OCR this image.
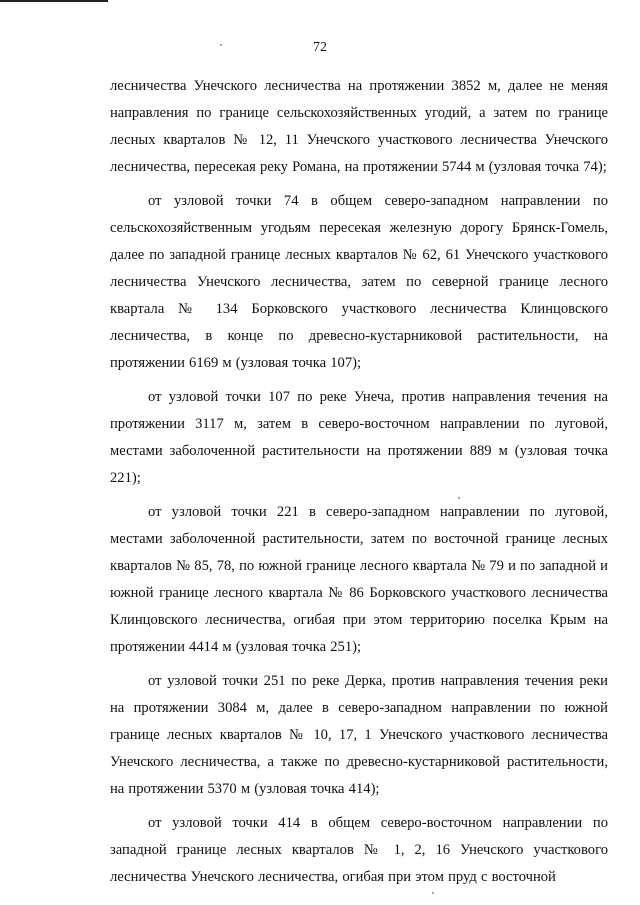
72

лесничества Унечского лесничества на протяжении 3852 м, далее не меняя направления по границе сельскохозяйственных угодий, а затем по границе лесных кварталов № 12, 11 Унечского участкового лесничества Унечского лесничества, пересекая реку Романа, на протяжении 5744 м (узловая точка 74);

от узловой точки 74 в общем северо-западном направлении по сельскохозяйственным угодьям пересекая железную дорогу Брянск-Гомель, далее по западной границе лесных кварталов № 62, 61 Унечского участкового лесничества Унечского лесничества, затем по северной границе лесного квартала № 134 Борковского участкового лесничества Клинцовского лесничества, в конце по древесно-кустарниковой растительности, на протяжении 6169 м (узловая точка 107);

от узловой точки 107 по реке Унеча, против направления течения на протяжении 3117 м, затем в северо-восточном направлении по луговой, местами заболоченной растительности на протяжении 889 м (узловая точка 221);

от узловой точки 221 в северо-западном направлении по луговой, местами заболоченной растительности, затем по восточной границе лесных кварталов № 85, 78, по южной границе лесного квартала № 79 и по западной и южной границе лесного квартала № 86 Борковского участкового лесничества Клинцовского лесничества, огибая при этом территорию поселка Крым на протяжении 4414 м (узловая точка 251);

от узловой точки 251 по реке Дерка, против направления течения реки на протяжении 3084 м, далее в северо-западном направлении по южной границе лесных кварталов № 10, 17, 1 Унечского участкового лесничества Унечского лесничества, а также по древесно-кустарниковой растительности, на протяжении 5370 м (узловая точка 414);

от узловой точки 414 в общем северо-восточном направлении по западной границе лесных кварталов № 1, 2, 16 Унечского участкового лесничества Унечского лесничества, огибая при этом пруд с восточной
